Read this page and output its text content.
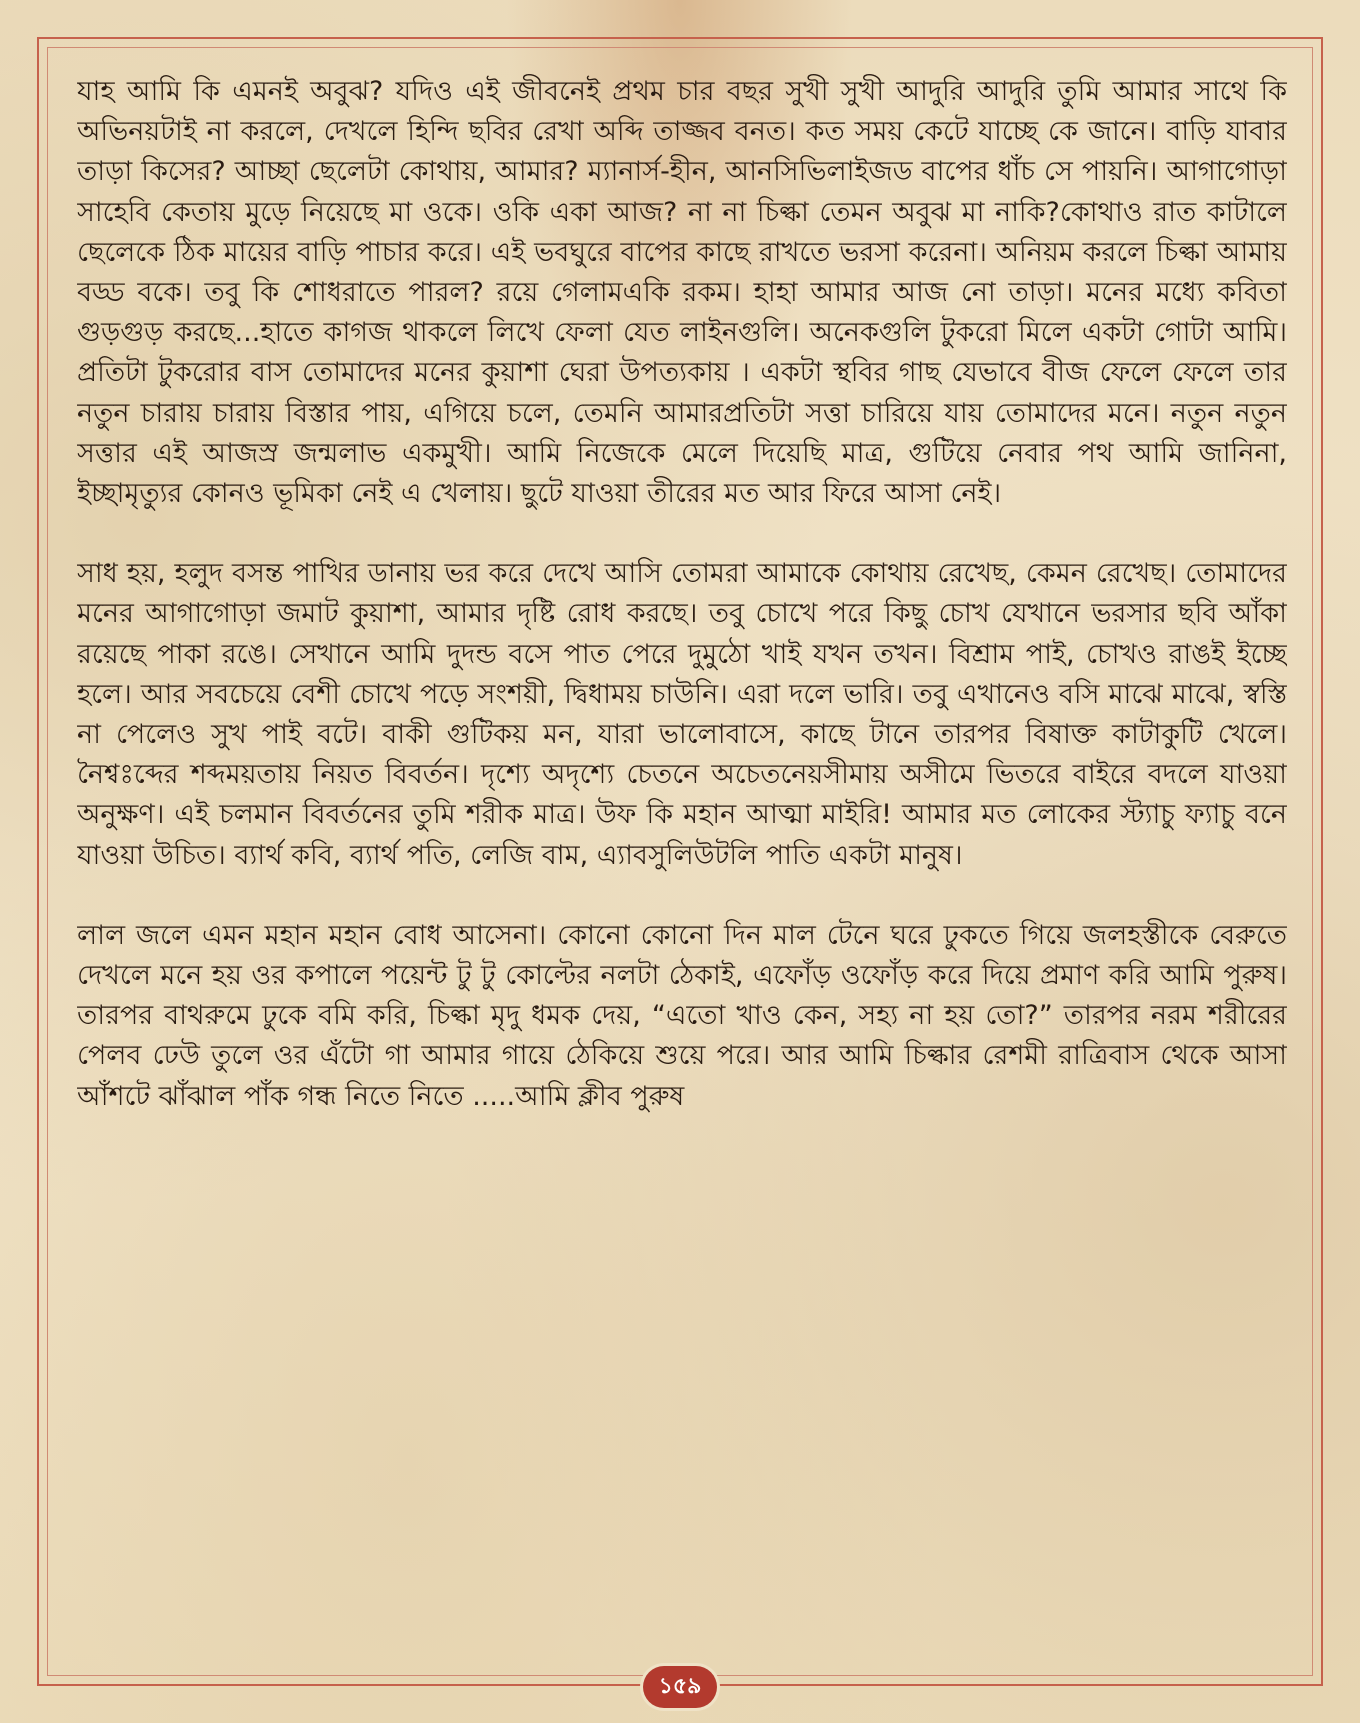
যাহ আমি কি এমনই অবুঝ? যদিও এই জীবনেই প্রথম চার বছর সুখী সুখী আদুরি আদুরি তুমি আমার সাথে কি অভিনয়টাই না করলে, দেখলে হিন্দি ছবির রেখা অব্দি তাজ্জব বনত। কত সময় কেটে যাচ্ছে কে জানে। বাড়ি যাবার তাড়া কিসের? আচ্ছা ছেলেটা কোথায়, আমার? ম্যানার্স-হীন, আনসিভিলাইজড বাপের ধাঁচ সে পায়নি। আগাগোড়া সাহেবি কেতায় মুড়ে নিয়েছে মা ওকে। ওকি একা আজ? না না চিল্কা তেমন অবুঝ মা নাকি?কোথাও রাত কাটালে ছেলেকে ঠিক মায়ের বাড়ি পাচার করে। এই ভবঘুরে বাপের কাছে রাখতে ভরসা করেনা। অনিয়ম করলে চিল্কা আমায় বড্ড বকে। তবু কি শোধরাতে পারল? রয়ে গেলামএকি রকম। হাহা আমার আজ নো তাড়া। মনের মধ্যে কবিতা গুড়গুড় করছে...হাতে কাগজ থাকলে লিখে ফেলা যেত লাইনগুলি। অনেকগুলি টুকরো মিলে একটা গোটা আমি। প্রতিটা টুকরোর বাস তোমাদের মনের কুয়াশা ঘেরা উপত্যকায় । একটা স্থবির গাছ যেভাবে বীজ ফেলে ফেলে তার নতুন চারায় চারায় বিস্তার পায়, এগিয়ে চলে, তেমনি আমারপ্রতিটা সত্তা চারিয়ে যায় তোমাদের মনে। নতুন নতুন সত্তার এই আজস্র জন্মলাভ একমুখী। আমি নিজেকে মেলে দিয়েছি মাত্র, গুটিয়ে নেবার পথ আমি জানিনা, ইচ্ছামৃত্যুর কোনও ভূমিকা নেই এ খেলায়। ছুটে যাওয়া তীরের মত আর ফিরে আসা নেই।

সাধ হয়, হলুদ বসন্ত পাখির ডানায় ভর করে দেখে আসি তোমরা আমাকে কোথায় রেখেছ, কেমন রেখেছ। তোমাদের মনের আগাগোড়া জমাট কুয়াশা, আমার দৃষ্টি রোধ করছে। তবু চোখে পরে কিছু চোখ যেখানে ভরসার ছবি আঁকা রয়েছে পাকা রঙে। সেখানে আমি দুদন্ড বসে পাত পেরে দুমুঠো খাই যখন তখন। বিশ্রাম পাই, চোখও রাঙই ইচ্ছে হলে। আর সবচেয়ে বেশী চোখে পড়ে সংশয়ী, দ্বিধাময় চাউনি। এরা দলে ভারি। তবু এখানেও বসি মাঝে মাঝে, স্বস্তি না পেলেও সুখ পাই বটে। বাকী গুটিকয় মন, যারা ভালোবাসে, কাছে টানে তারপর বিষাক্ত কাটাকুটি খেলে। নৈশ্বঃব্দের শব্দময়তায় নিয়ত বিবর্তন। দৃশ্যে অদৃশ্যে চেতনে অচেতনেয়সীমায় অসীমে ভিতরে বাইরে বদলে যাওয়া অনুক্ষণ। এই চলমান বিবর্তনের তুমি শরীক মাত্র। উফ কি মহান আত্মা মাইরি! আমার মত লোকের স্ট্যাচু ফ্যাচু বনে যাওয়া উচিত। ব্যার্থ কবি, ব্যার্থ পতি, লেজি বাম, এ্যাবসুলিউটলি পাতি একটা মানুষ।

লাল জলে এমন মহান মহান বোধ আসেনা। কোনো কোনো দিন মাল টেনে ঘরে ঢুকতে গিয়ে জলহস্তীকে বেরুতে দেখলে মনে হয় ওর কপালে পয়েন্ট টু টু কোল্টের নলটা ঠেকাই, এফোঁড় ওফোঁড় করে দিয়ে প্রমাণ করি আমি পুরুষ। তারপর বাথরুমে ঢুকে বমি করি, চিল্কা মৃদু ধমক দেয়, “এতো খাও কেন, সহ্য না হয় তো?” তারপর নরম শরীরের পেলব ঢেউ তুলে ওর এঁটো গা আমার গায়ে ঠেকিয়ে শুয়ে পরে। আর আমি চিল্কার রেশমী রাত্রিবাস থেকে আসা আঁশটে ঝাঁঝাল পাঁক গন্ধ নিতে নিতে .....আমি ক্লীব পুরুষ

১৫৯
